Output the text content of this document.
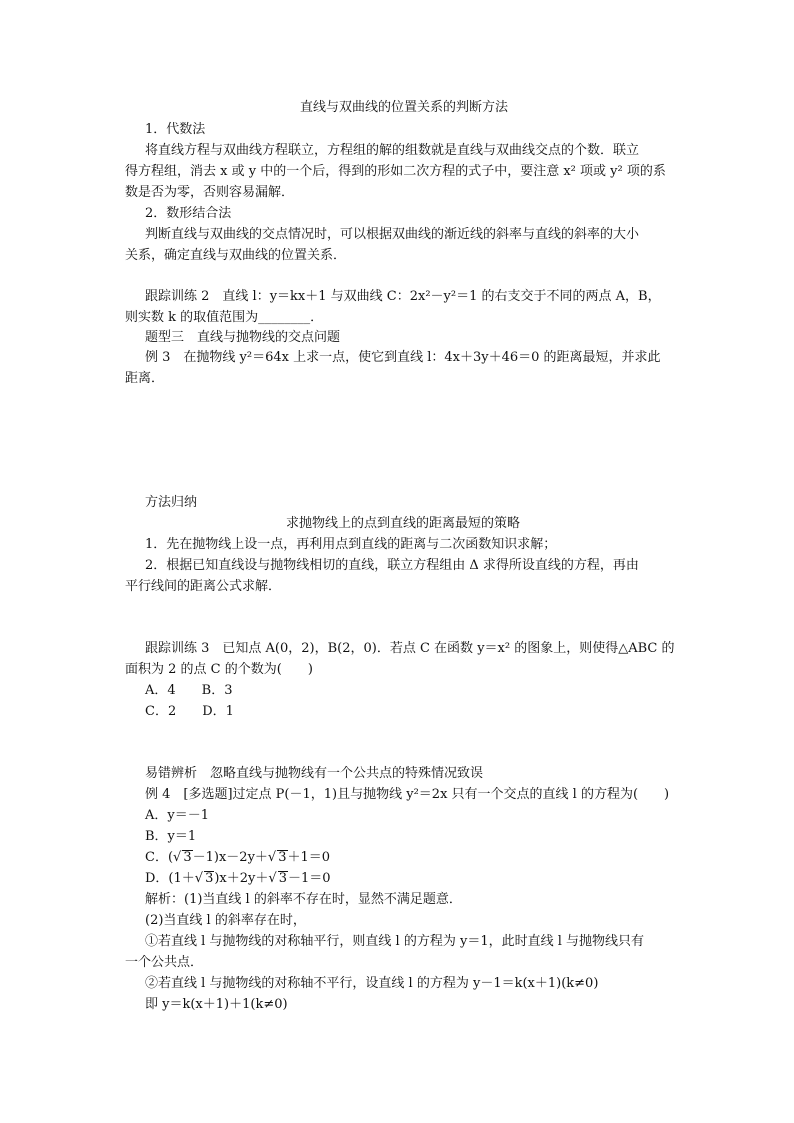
直线与双曲线的位置关系的判断方法
1．代数法
将直线方程与双曲线方程联立，方程组的解的组数就是直线与双曲线交点的个数．联立
得方程组，消去 x 或 y 中的一个后，得到的形如二次方程的式子中，要注意 x² 项或 y² 项的系
数是否为零，否则容易漏解．
2．数形结合法
判断直线与双曲线的交点情况时，可以根据双曲线的渐近线的斜率与直线的斜率的大小
关系，确定直线与双曲线的位置关系．
跟踪训练 2　直线 l：y＝kx＋1 与双曲线 C：2x²－y²＝1 的右支交于不同的两点 A，B，
则实数 k 的取值范围为________．
题型三　直线与抛物线的交点问题
例 3　在抛物线 y²＝64x 上求一点，使它到直线 l：4x＋3y＋46＝0 的距离最短，并求此
距离．
方法归纳
求抛物线上的点到直线的距离最短的策略
1．先在抛物线上设一点，再利用点到直线的距离与二次函数知识求解；
2．根据已知直线设与抛物线相切的直线，联立方程组由 Δ 求得所设直线的方程，再由
平行线间的距离公式求解．
跟踪训练 3　已知点 A(0，2)，B(2，0)．若点 C 在函数 y＝x² 的图象上，则使得△ABC 的
面积为 2 的点 C 的个数为(　　)
A．4　　B．3
C．2　　D．1
易错辨析　忽略直线与抛物线有一个公共点的特殊情况致误
例 4　[多选题]过定点 P(－1，1)且与抛物线 y²＝2x 只有一个交点的直线 l 的方程为(　　)
A．y＝－1
B．y＝1
C．(√ 3－1)x－2y＋√ 3＋1＝0
D．(1＋√ 3)x＋2y＋√ 3－1＝0
解析：(1)当直线 l 的斜率不存在时，显然不满足题意．
(2)当直线 l 的斜率存在时，
①若直线 l 与抛物线的对称轴平行，则直线 l 的方程为 y＝1，此时直线 l 与抛物线只有
一个公共点．
②若直线 l 与抛物线的对称轴不平行，设直线 l 的方程为 y－1＝k(x＋1)(k≠0)
即 y＝k(x＋1)＋1(k≠0)
